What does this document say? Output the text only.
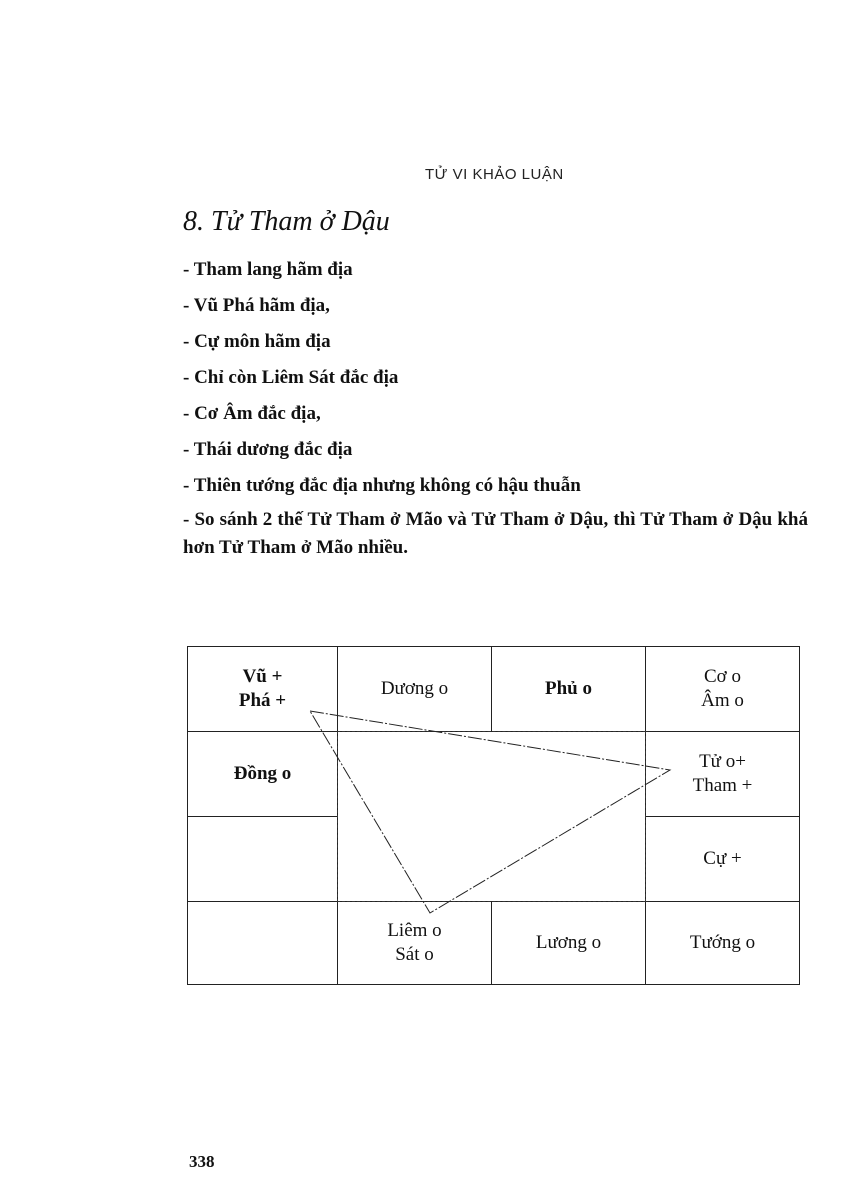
TỬ VI KHẢO LUẬN
8. Tử Tham ở Dậu
- Tham lang hãm địa
- Vũ Phá hãm địa,
- Cự môn hãm địa
- Chỉ còn Liêm Sát đắc địa
- Cơ Âm đắc địa,
- Thái dương đắc địa
- Thiên tướng đắc địa nhưng không có hậu thuẫn
- So sánh 2 thế Tử Tham ở Mão và Tử Tham ở Dậu, thì Tử Tham ở Dậu khá hơn Tử Tham ở Mão nhiều.
Vũ +
Phá +
Dương o	Phủ o
Cơ o
Âm o
Đồng o
Tử o+
Tham +
Cự +
Liêm o
Sát o
Lương o	Tướng o
338
